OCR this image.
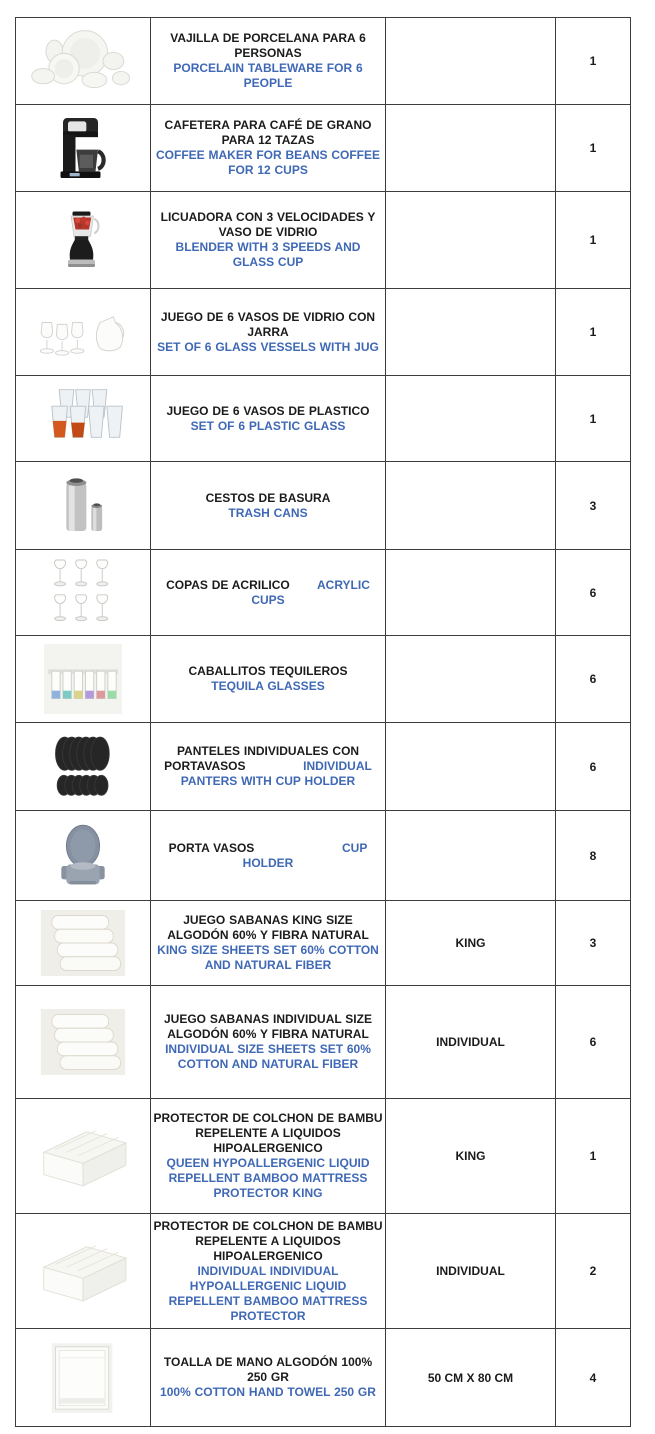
VAJILLA DE PORCELANA PARA 6 PERSONAS
PORCELAIN TABLEWARE FOR 6 PEOPLE		1

CAFETERA PARA CAFÉ DE GRANO PARA 12 TAZAS
COFFEE MAKER FOR BEANS COFFEE FOR 12 CUPS		1

LICUADORA CON 3 VELOCIDADES Y VASO DE VIDRIO
BLENDER WITH 3 SPEEDS AND GLASS CUP		1

JUEGO DE 6 VASOS DE VIDRIO CON JARRA
SET OF 6 GLASS VESSELS WITH JUG		1

JUEGO DE 6 VASOS DE PLASTICO
SET OF 6 PLASTIC GLASS		1

CESTOS DE BASURA
TRASH CANS		3
	COPAS DE ACRILICO ACRYLIC CUPS		6

CABALLITOS TEQUILEROS
TEQUILA GLASSES		6
	PANTELES INDIVIDUALES CON PORTAVASOS INDIVIDUAL PANTERS WITH CUP HOLDER		6
	PORTA VASOS CUP HOLDER		8

JUEGO SABANAS KING SIZE ALGODÓN 60% Y FIBRA NATURAL
KING SIZE SHEETS SET 60% COTTON AND NATURAL FIBER	KING	3

JUEGO SABANAS INDIVIDUAL SIZE ALGODÓN 60% Y FIBRA NATURAL
INDIVIDUAL SIZE SHEETS SET 60% COTTON AND NATURAL FIBER	INDIVIDUAL	6

PROTECTOR DE COLCHON DE BAMBU REPELENTE A LIQUIDOS HIPOALERGENICO
QUEEN HYPOALLERGENIC LIQUID REPELLENT BAMBOO MATTRESS PROTECTOR KING	KING	1

PROTECTOR DE COLCHON DE BAMBU REPELENTE A LIQUIDOS HIPOALERGENICO
INDIVIDUAL INDIVIDUAL HYPOALLERGENIC LIQUID REPELLENT BAMBOO MATTRESS PROTECTOR	INDIVIDUAL	2

TOALLA DE MANO ALGODÓN 100% 250 GR
100% COTTON HAND TOWEL 250 GR	50 CM X 80 CM	4
